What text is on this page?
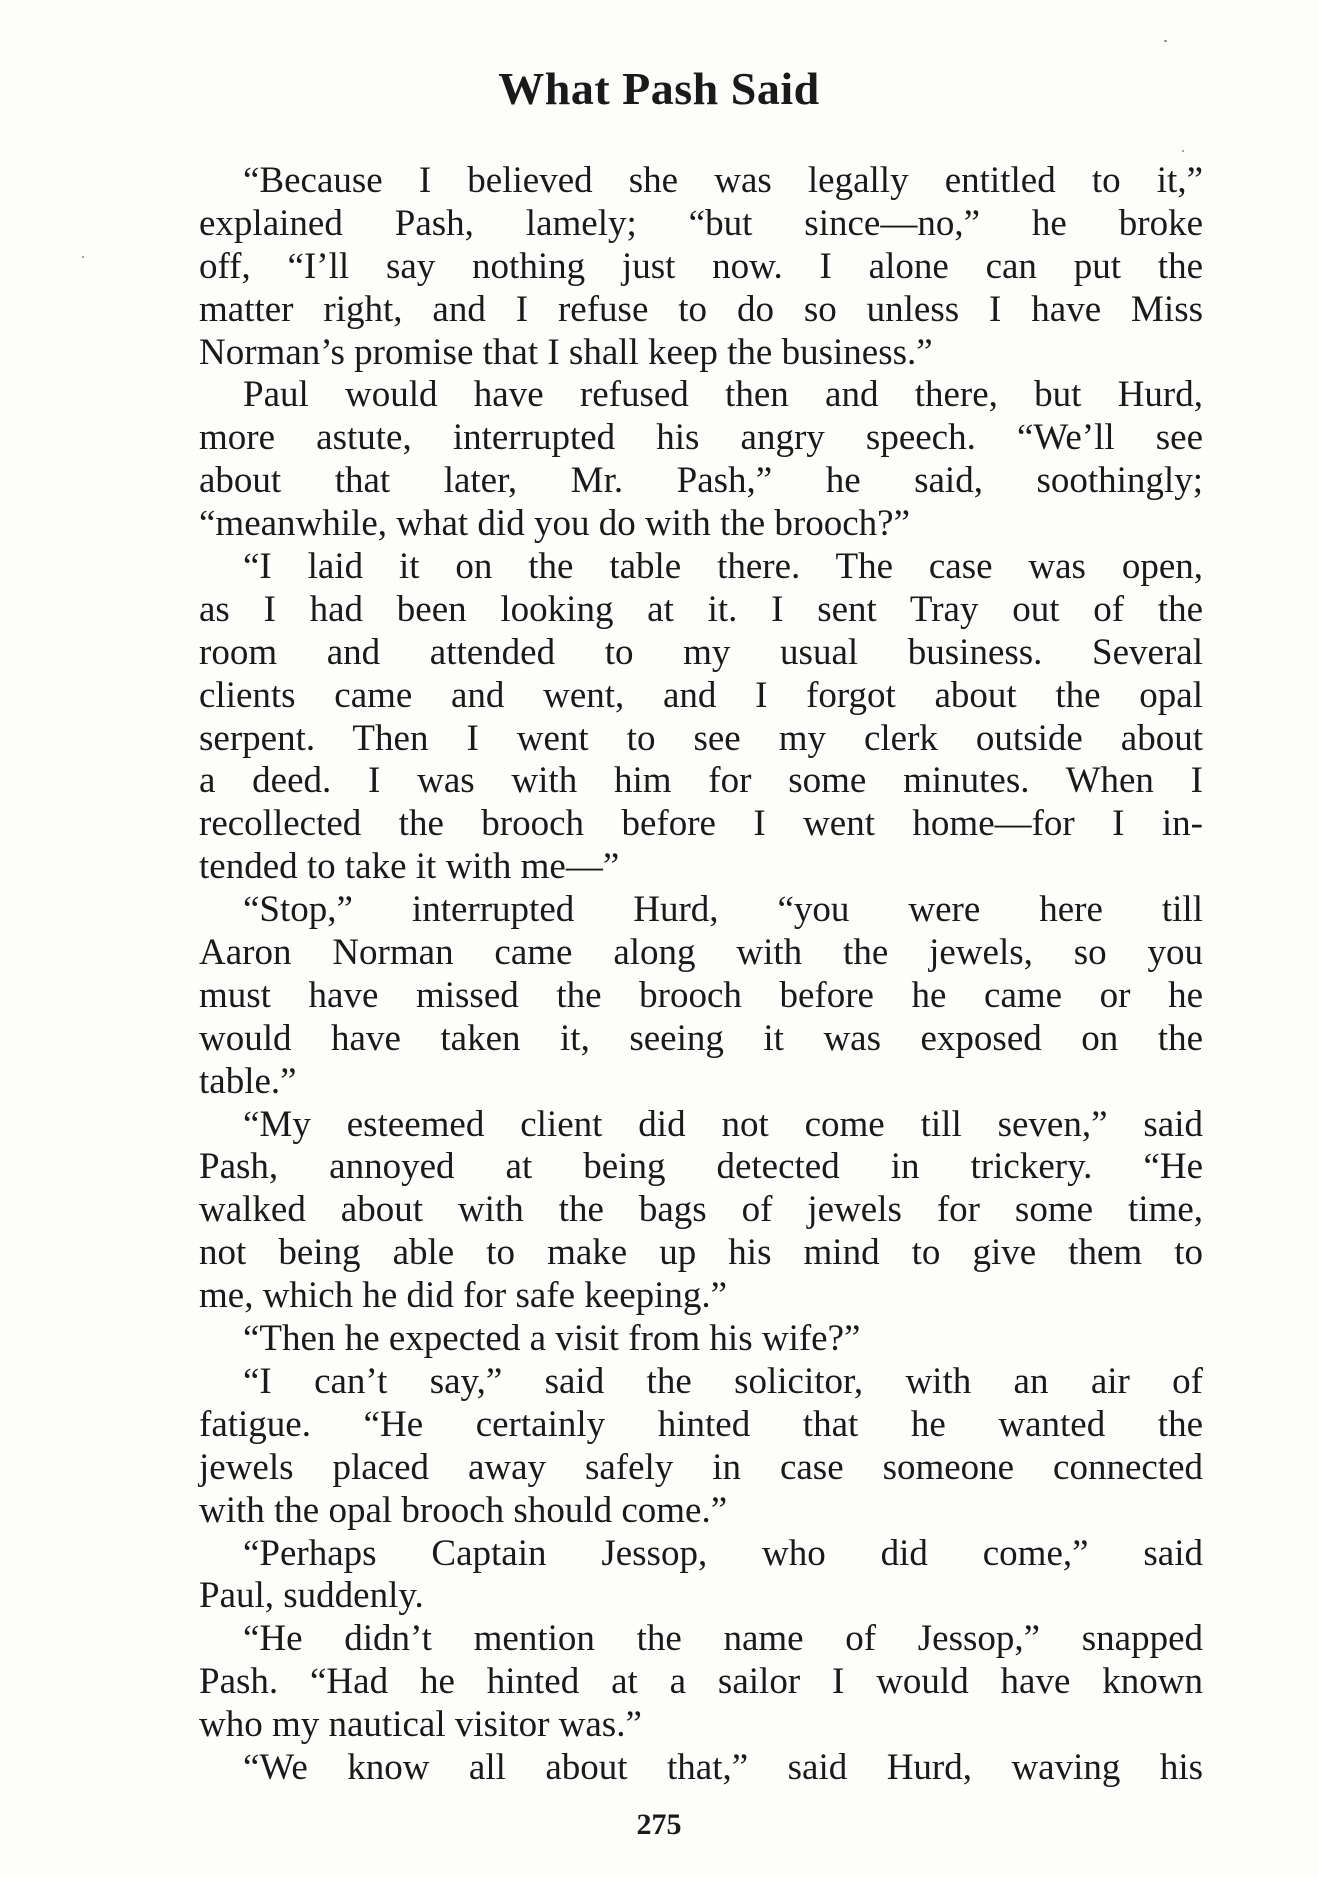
What Pash Said
“Because I believed she was legally entitled to it,”
explained Pash, lamely; “but since—no,” he broke
off, “I’ll say nothing just now. I alone can put the
matter right, and I refuse to do so unless I have Miss
Norman’s promise that I shall keep the business.”
Paul would have refused then and there, but Hurd,
more astute, interrupted his angry speech. “We’ll see
about that later, Mr. Pash,” he said, soothingly;
“meanwhile, what did you do with the brooch?”
“I laid it on the table there. The case was open,
as I had been looking at it. I sent Tray out of the
room and attended to my usual business. Several
clients came and went, and I forgot about the opal
serpent. Then I went to see my clerk outside about
a deed. I was with him for some minutes. When I
recollected the brooch before I went home—for I in-
tended to take it with me—”
“Stop,” interrupted Hurd, “you were here till
Aaron Norman came along with the jewels, so you
must have missed the brooch before he came or he
would have taken it, seeing it was exposed on the
table.”
“My esteemed client did not come till seven,” said
Pash, annoyed at being detected in trickery. “He
walked about with the bags of jewels for some time,
not being able to make up his mind to give them to
me, which he did for safe keeping.”
“Then he expected a visit from his wife?”
“I can’t say,” said the solicitor, with an air of
fatigue. “He certainly hinted that he wanted the
jewels placed away safely in case someone connected
with the opal brooch should come.”
“Perhaps Captain Jessop, who did come,” said
Paul, suddenly.
“He didn’t mention the name of Jessop,” snapped
Pash. “Had he hinted at a sailor I would have known
who my nautical visitor was.”
“We know all about that,” said Hurd, waving his
275
